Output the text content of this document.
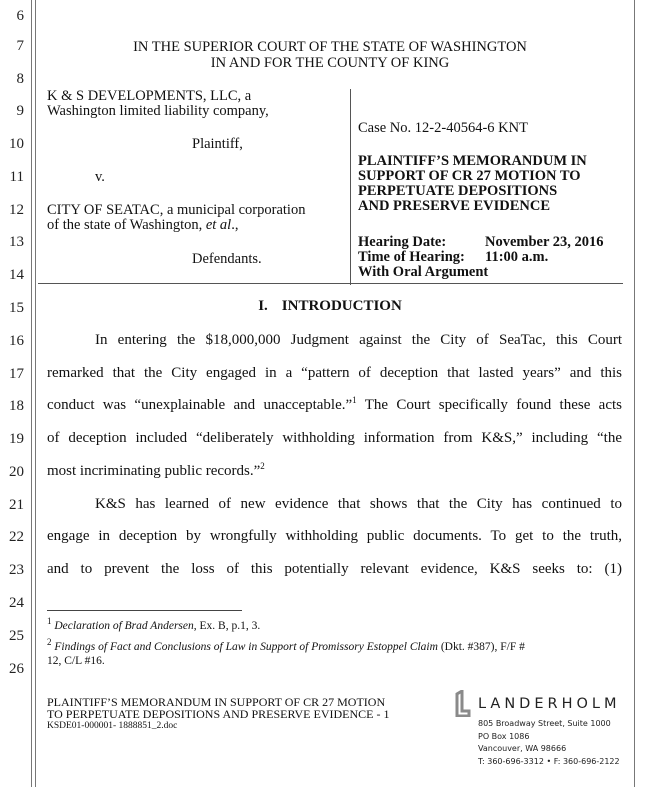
6
7
8
9
10
11
12
13
14
15
16
17
18
19
20
21
22
23
24
25
26
IN THE SUPERIOR COURT OF THE STATE OF WASHINGTON
IN AND FOR THE COUNTY OF KING
K & S DEVELOPMENTS, LLC, a
Washington limited liability company,
Plaintiff,
v.
CITY OF SEATAC, a municipal corporation
of the state of Washington, et al.,
Defendants.
Case No. 12-2-40564-6 KNT
PLAINTIFF’S MEMORANDUM IN
SUPPORT OF CR 27 MOTION TO
PERPETUATE DEPOSITIONS
AND PRESERVE EVIDENCE
Hearing Date:	November 23, 2016
Time of Hearing: 11:00 a.m.
With Oral Argument
I. INTRODUCTION
In entering the $18,000,000 Judgment against the City of SeaTac, this Court
remarked that the City engaged in a “pattern of deception that lasted years” and this
conduct was “unexplainable and unacceptable.”$^1$ The Court specifically found these acts
of deception included “deliberately withholding information from K&S,” including “the
most incriminating public records.”$^2$
K&S has learned of new evidence that shows that the City has continued to
engage in deception by wrongfully withholding public documents. To get to the truth,
and to prevent the loss of this potentially relevant evidence, K&S seeks to: (1)
$^1$ Declaration of Brad Andersen, Ex. B, p.1, 3.
$^2$ Findings of Fact and Conclusions of Law in Support of Promissory Estoppel Claim (Dkt. #387), F/F #
12, C/L #16.
PLAINTIFF’S MEMORANDUM IN SUPPORT OF CR 27 MOTION
TO PERPETUATE DEPOSITIONS AND PRESERVE EVIDENCE - 1
KSDE01-000001- 1888851_2.doc
LANDERHOLM
805 Broadway Street, Suite 1000
PO Box 1086
Vancouver, WA 98666
T: 360-696-3312 • F: 360-696-2122
